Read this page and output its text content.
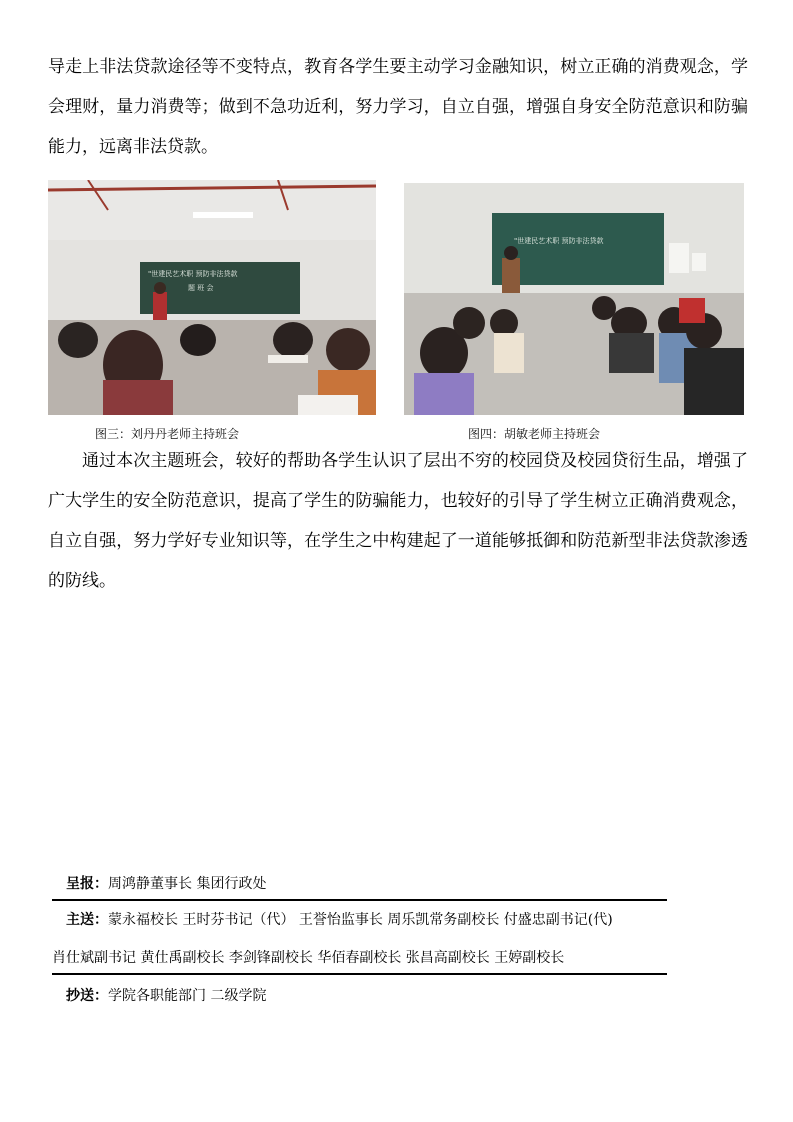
导走上非法贷款途径等不变特点，教育各学生要主动学习金融知识，树立正确的消费观念，学会理财，量力消费等；做到不急功近利，努力学习，自立自强，增强自身安全防范意识和防骗能力，远离非法贷款。

"世建民艺术职 预防非法贷款
题 班 会
"世建民艺术职 预防非法贷款
图三：刘丹丹老师主持班会	图四：胡敏老师主持班会

通过本次主题班会，较好的帮助各学生认识了层出不穷的校园贷及校园贷衍生品，增强了广大学生的安全防范意识，提高了学生的防骗能力，也较好的引导了学生树立正确消费观念，自立自强，努力学好专业知识等，在学生之中构建起了一道能够抵御和防范新型非法贷款渗透的防线。

呈报：周鸿静董事长 集团行政处
主送：蒙永福校长 王时芬书记（代） 王誉怡监事长 周乐凯常务副校长 付盛忠副书记(代)
肖仕斌副书记 黄仕禹副校长 李剑锋副校长 华佰春副校长 张昌高副校长 王婷副校长
抄送：学院各职能部门 二级学院
